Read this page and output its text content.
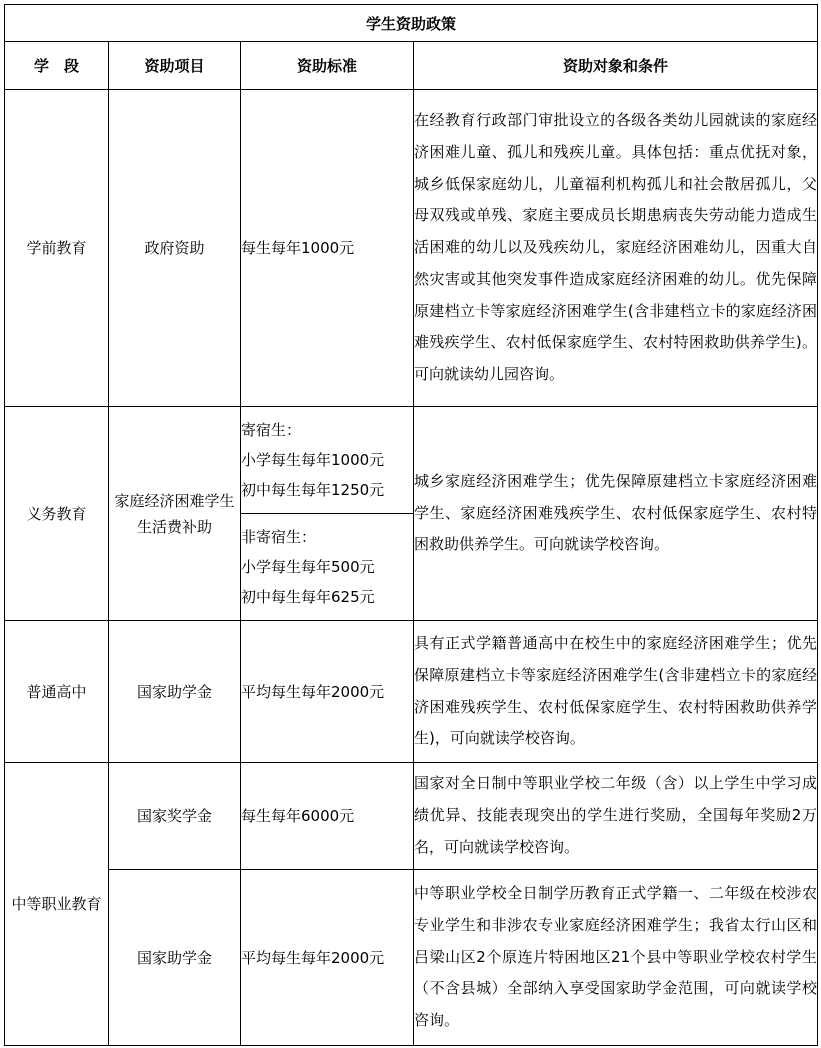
学生资助政策			
学　段	资助项目	资助标准	资助对象和条件
学前教育	政府资助	每生每年1000元	在经教育行政部门审批设立的各级各类幼儿园就读的家庭经济困难儿童、孤儿和残疾儿童。具体包括：重点优抚对象，城乡低保家庭幼儿，儿童福利机构孤儿和社会散居孤儿，父母双残或单残、家庭主要成员长期患病丧失劳动能力造成生活困难的幼儿以及残疾幼儿，家庭经济困难幼儿，因重大自然灾害或其他突发事件造成家庭经济困难的幼儿。优先保障原建档立卡等家庭经济困难学生(含非建档立卡的家庭经济困难残疾学生、农村低保家庭学生、农村特困救助供养学生)。可向就读幼儿园咨询。
义务教育	家庭经济困难学生生活费补助	寄宿生：
小学每生每年1000元
初中每生每年1250元	城乡家庭经济困难学生；优先保障原建档立卡家庭经济困难学生、家庭经济困难残疾学生、农村低保家庭学生、农村特困救助供养学生。可向就读学校咨询。

		非寄宿生：
小学每生每年500元
初中每生每年625元	

普通高中	国家助学金	平均每生每年2000元	具有正式学籍普通高中在校生中的家庭经济困难学生；优先保障原建档立卡等家庭经济困难学生(含非建档立卡的家庭经济困难残疾学生、农村低保家庭学生、农村特困救助供养学生)，可向就读学校咨询。
中等职业教育	国家奖学金	每生每年6000元	国家对全日制中等职业学校二年级（含）以上学生中学习成绩优异、技能表现突出的学生进行奖励，全国每年奖励2万名，可向就读学校咨询。
	国家助学金	平均每生每年2000元	中等职业学校全日制学历教育正式学籍一、二年级在校涉农专业学生和非涉农专业家庭经济困难学生；我省太行山区和吕梁山区2个原连片特困地区21个县中等职业学校农村学生（不含县城）全部纳入享受国家助学金范围，可向就读学校咨询。
